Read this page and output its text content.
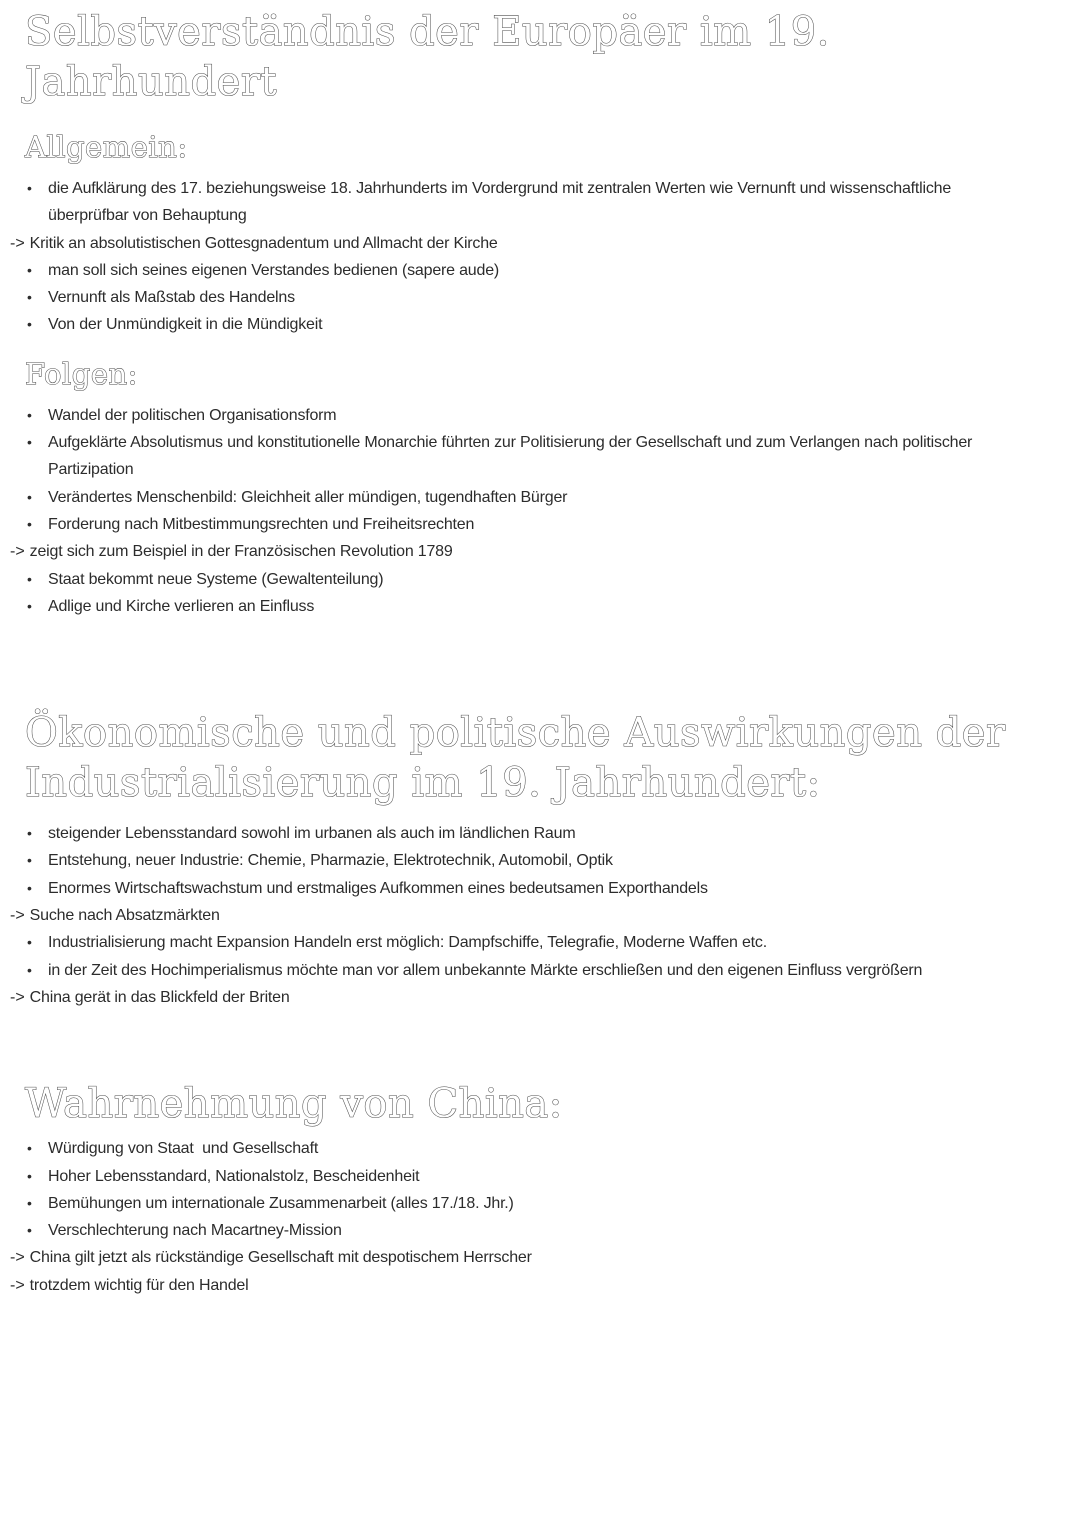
Selbstverständnis der Europäer im 19. Jahrhundert
Allgemein:
•	die Aufklärung des 17. beziehungsweise 18. Jahrhunderts im Vordergrund mit zentralen Werten wie Vernunft und wissenschaftliche
überprüfbar von Behauptung
-> Kritik an absolutistischen Gottesgnadentum und Allmacht der Kirche
•	man soll sich seines eigenen Verstandes bedienen (sapere aude)
•	Vernunft als Maßstab des Handelns
•	Von der Unmündigkeit in die Mündigkeit
Folgen:
•	Wandel der politischen Organisationsform
•	Aufgeklärte Absolutismus und konstitutionelle Monarchie führten zur Politisierung der Gesellschaft und zum Verlangen nach politischer
Partizipation
•	Verändertes Menschenbild: Gleichheit aller mündigen, tugendhaften Bürger
•	Forderung nach Mitbestimmungsrechten und Freiheitsrechten
-> zeigt sich zum Beispiel in der Französischen Revolution 1789
•	Staat bekommt neue Systeme (Gewaltenteilung)
•	Adlige und Kirche verlieren an Einfluss
Ökonomische und politische Auswirkungen der
Industrialisierung im 19. Jahrhundert:
•	steigender Lebensstandard sowohl im urbanen als auch im ländlichen Raum
•	Entstehung, neuer Industrie: Chemie, Pharmazie, Elektrotechnik, Automobil, Optik
•	Enormes Wirtschaftswachstum und erstmaliges Aufkommen eines bedeutsamen Exporthandels
-> Suche nach Absatzmärkten
•	Industrialisierung macht Expansion Handeln erst möglich: Dampfschiffe, Telegrafie, Moderne Waffen etc.
•	in der Zeit des Hochimperialismus möchte man vor allem unbekannte Märkte erschließen und den eigenen Einfluss vergrößern
-> China gerät in das Blickfeld der Briten
Wahrnehmung von China:
•	Würdigung von Staat  und Gesellschaft
•	Hoher Lebensstandard, Nationalstolz, Bescheidenheit
•	Bemühungen um internationale Zusammenarbeit (alles 17./18. Jhr.)
•	Verschlechterung nach Macartney-Mission
-> China gilt jetzt als rückständige Gesellschaft mit despotischem Herrscher
-> trotzdem wichtig für den Handel
